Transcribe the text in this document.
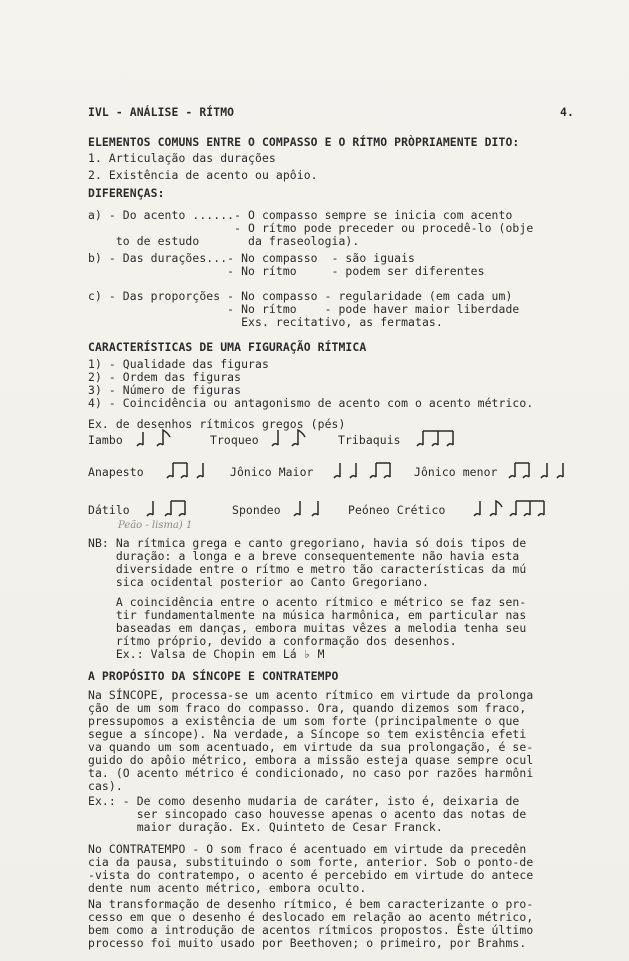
IVL - ANÁLISE - RÍTMO	4.
ELEMENTOS COMUNS ENTRE O COMPASSO E O RÍTMO PRÒPRIAMENTE DITO:
1. Articulação das durações
2. Existência de acento ou apôio.
DIFERENÇAS:
a) - Do acento ......- O compasso sempre se inicia com acento
- O rítmo pode preceder ou procedê-lo (obje
to de estudo       da fraseologia).
b) - Das durações...- No compasso  - são iguais
- No rítmo     - podem ser diferentes
c) - Das proporções - No compasso - regularidade (em cada um)
- No rítmo    - pode haver maior liberdade
Exs. recitativo, as fermatas.
CARACTERÍSTICAS DE UMA FIGURAÇÃO RÍTMICA
1) - Qualidade das figuras
2) - Ordem das figuras
3) - Número de figuras
4) - Coincidência ou antagonismo de acento com o acento métrico.
Ex. de desenhos rítmicos gregos (pés)
Iambo	Troqueo	Tribaquis
Anapesto	Jônico Maior	Jônico menor
Dátilo	Spondeo	Peóneo Crético
Peão - lisma) 1
NB: Na rítmica grega e canto gregoriano, havia só dois tipos de
duração: a longa e a breve consequentemente não havia esta
diversidade entre o rítmo e metro tão características da mú
sica ocidental posterior ao Canto Gregoriano.
A coincidência entre o acento rítmico e métrico se faz sen-
tir fundamentalmente na música harmônica, em particular nas
baseadas em danças, embora muitas vêzes a melodia tenha seu
rítmo próprio, devido a conformação dos desenhos.
Ex.: Valsa de Chopin em Lá ♭ M
A PROPÓSITO DA SÍNCOPE E CONTRATEMPO
Na SÍNCOPE, processa-se um acento rítmico em virtude da prolonga
ção de um som fraco do compasso. Ora, quando dizemos som fraco,
pressupomos a existência de um som forte (principalmente o que
segue a síncope). Na verdade, a Síncope so tem existência efeti
va quando um som acentuado, em virtude da sua prolongação, é se-
guido do apôio métrico, embora a missão esteja quase sempre ocul
ta. (O acento métrico é condicionado, no caso por razões harmôni
cas).
Ex.: - De como desenho mudaria de caráter, isto é, deixaria de
ser sincopado caso houvesse apenas o acento das notas de
maior duração. Ex. Quinteto de Cesar Franck.
No CONTRATEMPO - O som fraco é acentuado em virtude da precedên
cia da pausa, substituindo o som forte, anterior. Sob o ponto-de
-vista do contratempo, o acento é percebido em virtude do antece
dente num acento métrico, embora oculto.
Na transformação de desenho rítmico, é bem caracterizante o pro-
cesso em que o desenho é deslocado em relação ao acento métrico,
bem como a introdução de acentos rítmicos propostos. Êste último
processo foi muito usado por Beethoven; o primeiro, por Brahms.
